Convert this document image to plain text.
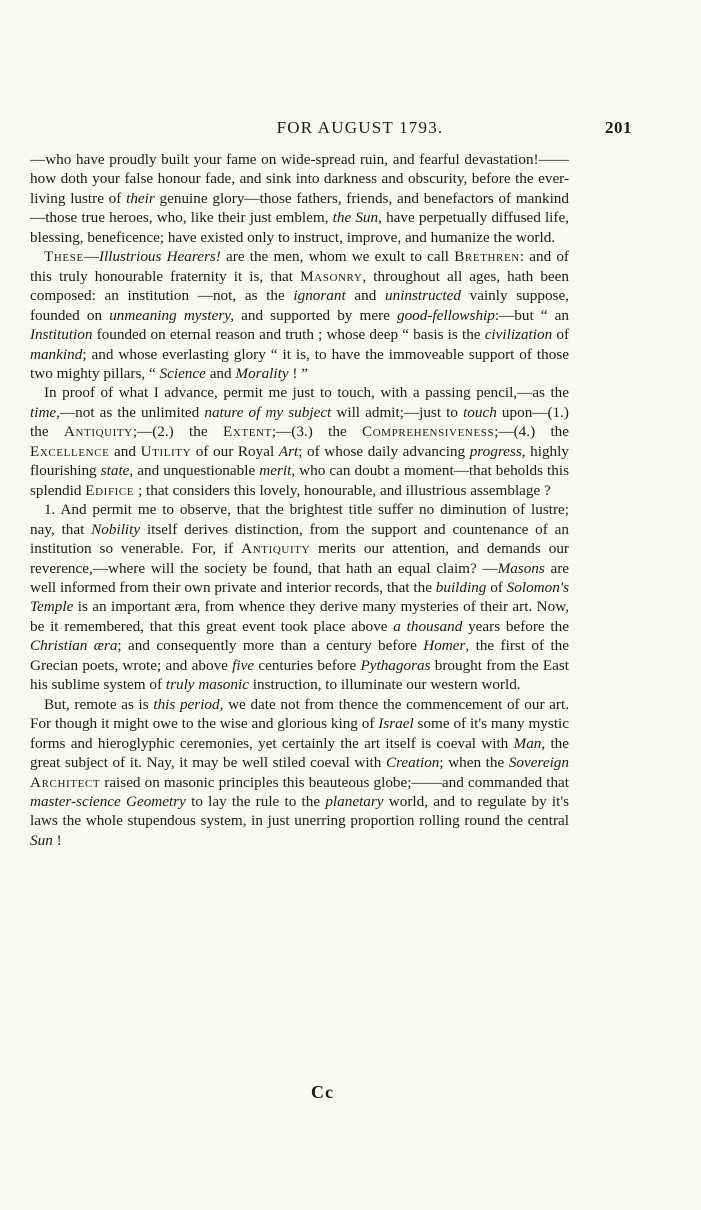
FOR AUGUST 1793.	201

—who have proudly built your fame on wide-spread ruin, and fearful devastation!——how doth your false honour fade, and sink into darkness and obscurity, before the ever-living lustre of their genuine glory—those fathers, friends, and benefactors of mankind—those true heroes, who, like their just emblem, the Sun, have perpetually diffused life, blessing, beneficence; have existed only to instruct, improve, and humanize the world.

These—Illustrious Hearers! are the men, whom we exult to call Brethren: and of this truly honourable fraternity it is, that Masonry, throughout all ages, hath been composed: an institution —not, as the ignorant and uninstructed vainly suppose, founded on unmeaning mystery, and supported by mere good-fellowship:—but “ an Institution founded on eternal reason and truth ; whose deep “ basis is the civilization of mankind; and whose everlasting glory “ it is, to have the immoveable support of those two mighty pillars, “ Science and Morality ! ”

In proof of what I advance, permit me just to touch, with a passing pencil,—as the time,—not as the unlimited nature of my subject will admit;—just to touch upon—(1.) the Antiquity;—(2.) the Extent;—(3.) the Comprehensiveness;—(4.) the Excellence and Utility of our Royal Art; of whose daily advancing progress, highly flourishing state, and unquestionable merit, who can doubt a moment—that beholds this splendid Edifice ; that considers this lovely, honourable, and illustrious assemblage ?

1. And permit me to observe, that the brightest title suffer no diminution of lustre; nay, that Nobility itself derives distinction, from the support and countenance of an institution so venerable. For, if Antiquity merits our attention, and demands our reverence,—where will the society be found, that hath an equal claim? —Masons are well informed from their own private and interior records, that the building of Solomon's Temple is an important æra, from whence they derive many mysteries of their art. Now, be it remembered, that this great event took place above a thousand years before the Christian æra; and consequently more than a century before Homer, the first of the Grecian poets, wrote; and above five centuries before Pythagoras brought from the East his sublime system of truly masonic instruction, to illuminate our western world.

But, remote as is this period, we date not from thence the commencement of our art. For though it might owe to the wise and glorious king of Israel some of it's many mystic forms and hieroglyphic ceremonies, yet certainly the art itself is coeval with Man, the great subject of it. Nay, it may be well stiled coeval with Creation; when the Sovereign Architect raised on masonic principles this beauteous globe;——and commanded that master-science Geometry to lay the rule to the planetary world, and to regulate by it's laws the whole stupendous system, in just unerring proportion rolling round the central Sun !

Cc
